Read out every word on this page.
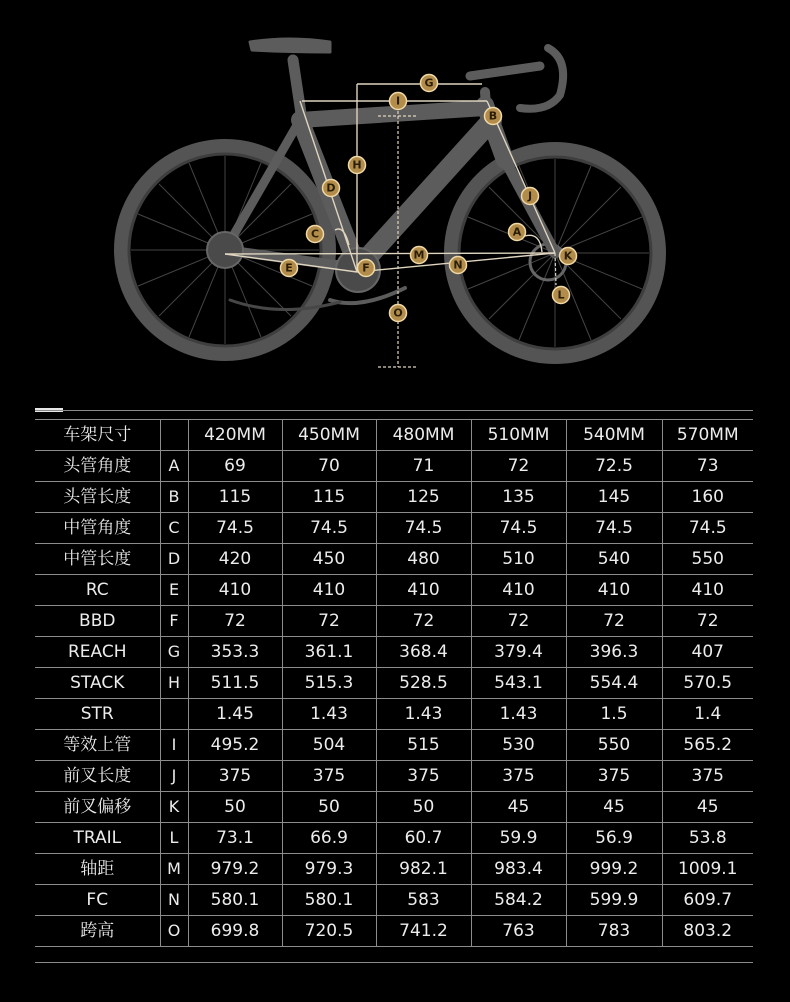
G
I
B
H
D
J
C	A
K
E	F
M
N
L
O
车架尺寸		420MM	450MM	480MM	510MM	540MM	570MM
头管角度	A	69	70	71	72	72.5	73
头管长度	B	115	115	125	135	145	160
中管角度	C	74.5	74.5	74.5	74.5	74.5	74.5
中管长度	D	420	450	480	510	540	550
RC	E	410	410	410	410	410	410
BBD	F	72	72	72	72	72	72
REACH	G	353.3	361.1	368.4	379.4	396.3	407
STACK	H	511.5	515.3	528.5	543.1	554.4	570.5
STR		1.45	1.43	1.43	1.43	1.5	1.4
等效上管	I	495.2	504	515	530	550	565.2
前叉长度	J	375	375	375	375	375	375
前叉偏移	K	50	50	50	45	45	45
TRAIL	L	73.1	66.9	60.7	59.9	56.9	53.8
轴距	M	979.2	979.3	982.1	983.4	999.2	1009.1
FC	N	580.1	580.1	583	584.2	599.9	609.7
跨高	O	699.8	720.5	741.2	763	783	803.2
